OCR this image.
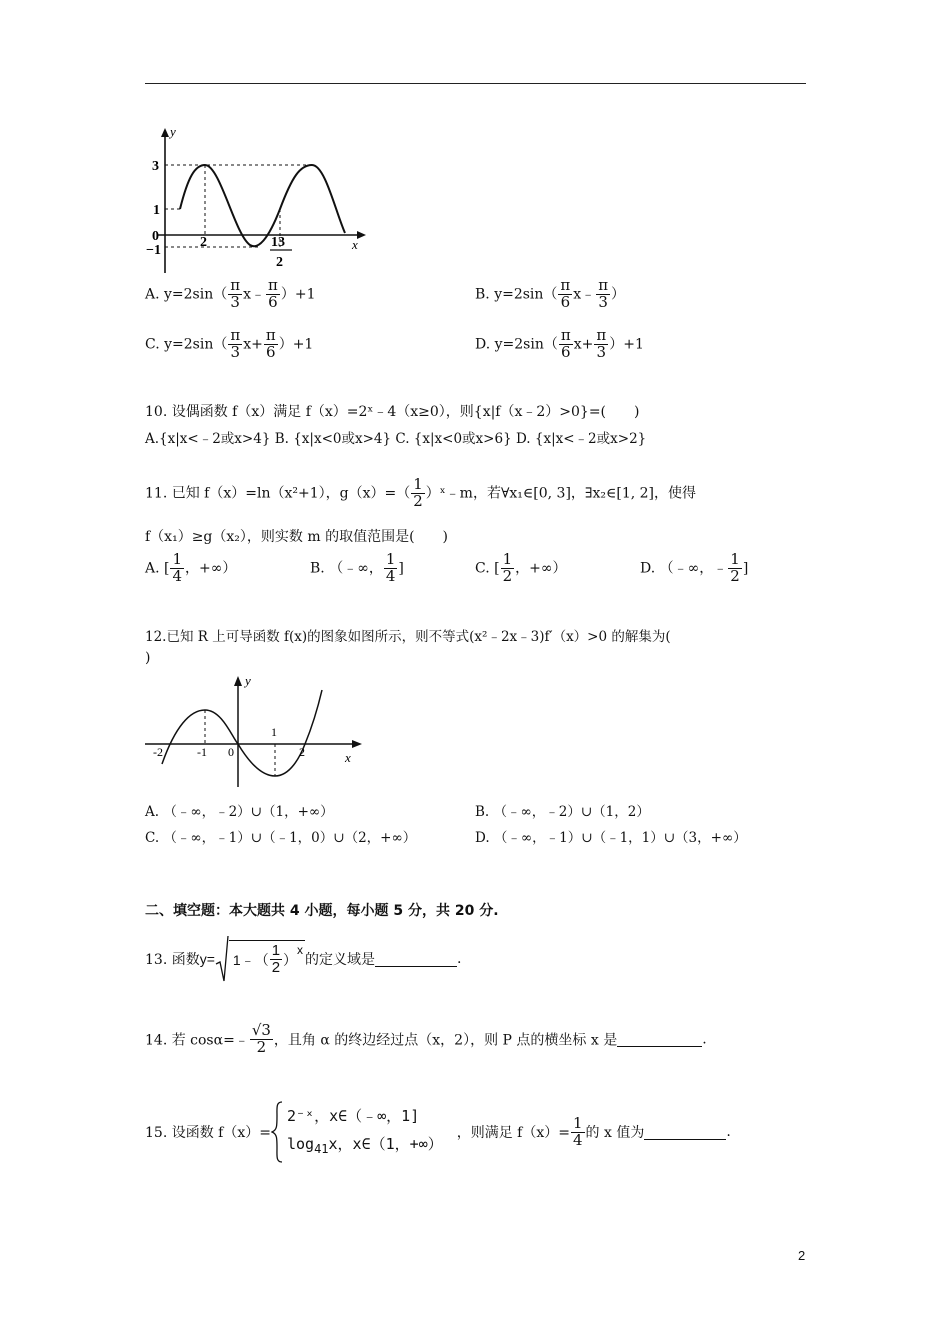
y
x
3
1
0
−1
2	13
2
A. $y=2\sin( \frac{\pi}{3}$ x﹣ $\frac{\pi}{6} )+1$	B. $y=2\sin( \frac{\pi}{6}$ x﹣ $\frac{\pi}{3}$ ）
C. $y=2\sin( \frac{\pi}{3} x+ \frac{\pi}{6} )+1$	D. $y=2\sin( \frac{\pi}{6} x+ \frac{\pi}{3} )+1$
10. 设偶函数 f（x）满足 f（x）=2ˣ﹣4（x≥0），则{x|f（x﹣2）>0}=(　　)
A.{x|x<﹣2或x>4} B. {x|x<0或x>4} C. {x|x<0或x>6} D. {x|x<﹣2或x>2}
11. 已知 f（x）=ln（x²+1），$g(x)=( \frac{1}{2}$ ）ˣ﹣m，若∀x₁∈[0, 3]，∃x₂∈[1, 2]，使得
f（x₁）≥g（x₂），则实数 m 的取值范围是(　　)
A. [ $\frac{1}{4}$ ，+∞）	B. （﹣∞， $\frac{1}{4}$ ]	C. [ $\frac{1}{2}$ ，+∞）	D. （﹣∞，﹣ $\frac{1}{2}$ ]
12.已知 R 上可导函数 f(x)的图象如图所示，则不等式(x²﹣2x﹣3)f′（x）>0 的解集为(
)
y
x
-2	-1 0
1
2
A. （﹣∞，﹣2）∪（1，+∞）	B. （﹣∞，﹣2）∪（1，2）
C. （﹣∞，﹣1）∪（﹣1，0）∪（2，+∞）	D. （﹣∞，﹣1）∪（﹣1，1）∪（3，+∞）
二、填空题：本大题共 4 小题，每小题 5 分，共 20 分.
13. 函数y= 1﹣（ $\frac{1}{2}$ ）
x
的定义域是	.
14. 若 cosα=﹣ $\frac{√3}{2}$ ，且角 α 的终边经过点（x，2），则 P 点的横坐标 x 是	.
15. 设函数 f（x）=
2⁻ˣ，x∈（﹣∞，1]
$\log_{41}x$，x∈（1，+∞）
，则满足 $f(x)= \frac{1}{4}$ 的 x 值为	.
2
